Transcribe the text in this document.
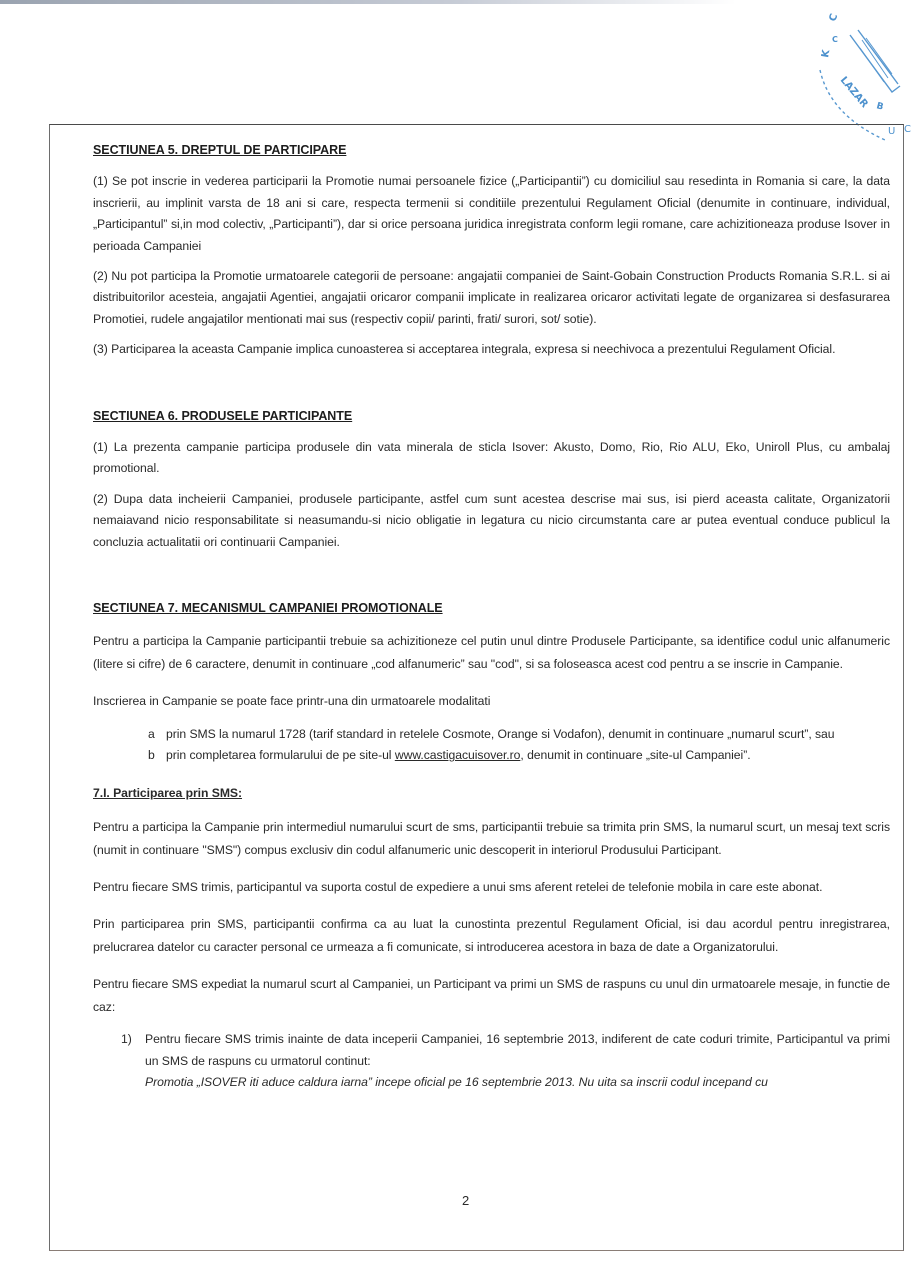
C
K
C
LAZAR B
U C
SECTIUNEA 5. DREPTUL DE PARTICIPARE

(1) Se pot inscrie in vederea participarii la Promotie numai persoanele fizice („Participantii”) cu domiciliul sau resedinta in Romania si care, la data inscrierii, au implinit varsta de 18 ani si care, respecta termenii si conditiile prezentului Regulament Oficial (denumite in continuare, individual,„Participantul” si,in mod colectiv, „Participanti”), dar si orice persoana juridica inregistrata conform legii romane, care achizitioneaza produse Isover in perioada Campaniei

(2) Nu pot participa la Promotie urmatoarele categorii de persoane: angajatii companiei de Saint-Gobain Construction Products Romania S.R.L. si ai distribuitorilor acesteia, angajatii Agentiei, angajatii oricaror companii implicate in realizarea oricaror activitati legate de organizarea si desfasurarea Promotiei, rudele angajatilor mentionati mai sus (respectiv copii/ parinti, frati/ surori, sot/ sotie).

(3) Participarea la aceasta Campanie implica cunoasterea si acceptarea integrala, expresa si neechivoca a prezentului Regulament Oficial.

SECTIUNEA 6. PRODUSELE PARTICIPANTE

(1) La prezenta campanie participa produsele din vata minerala de sticla Isover: Akusto, Domo, Rio, Rio ALU, Eko, Uniroll Plus, cu ambalaj promotional.

(2) Dupa data incheierii Campaniei, produsele participante, astfel cum sunt acestea descrise mai sus, isi pierd aceasta calitate, Organizatorii nemaiavand nicio responsabilitate si neasumandu-si nicio obligatie in legatura cu nicio circumstanta care ar putea eventual conduce publicul la concluzia actualitatii ori continuarii Campaniei.

SECTIUNEA 7. MECANISMUL CAMPANIEI PROMOTIONALE

Pentru a participa la Campanie participantii trebuie sa achizitioneze cel putin unul dintre Produsele Participante, sa identifice codul unic alfanumeric (litere si cifre) de 6 caractere, denumit in continuare „cod alfanumeric” sau "cod", si sa foloseasca acest cod pentru a se inscrie in Campanie.

Inscrierea in Campanie se poate face printr-una din urmatoarele modalitati

a prin SMS la numarul 1728 (tarif standard in retelele Cosmote, Orange si Vodafon), denumit in continuare „numarul scurt”, sau
b prin completarea formularului de pe site-ul www.castigacuisover.ro, denumit in continuare „site-ul Campaniei”.
7.I. Participarea prin SMS:

Pentru a participa la Campanie prin intermediul numarului scurt de sms, participantii trebuie sa trimita prin SMS, la numarul scurt, un mesaj text scris (numit in continuare "SMS") compus exclusiv din codul alfanumeric unic descoperit in interiorul Produsului Participant.

Pentru fiecare SMS trimis, participantul va suporta costul de expediere a unui sms aferent retelei de telefonie mobila in care este abonat.

Prin participarea prin SMS, participantii confirma ca au luat la cunostinta prezentul Regulament Oficial, isi dau acordul pentru inregistrarea, prelucrarea datelor cu caracter personal ce urmeaza a fi comunicate, si introducerea acestora in baza de date a Organizatorului.

Pentru fiecare SMS expediat la numarul scurt al Campaniei, un Participant va primi un SMS de raspuns cu unul din urmatoarele mesaje, in functie de caz:

1)	Pentru fiecare SMS trimis inainte de data inceperii Campaniei, 16 septembrie 2013, indiferent de cate coduri trimite, Participantul va primi un SMS de raspuns cu urmatorul continut:
Promotia „ISOVER iti aduce caldura iarna” incepe oficial pe 16 septembrie 2013. Nu uita sa inscrii codul incepand cu
2
